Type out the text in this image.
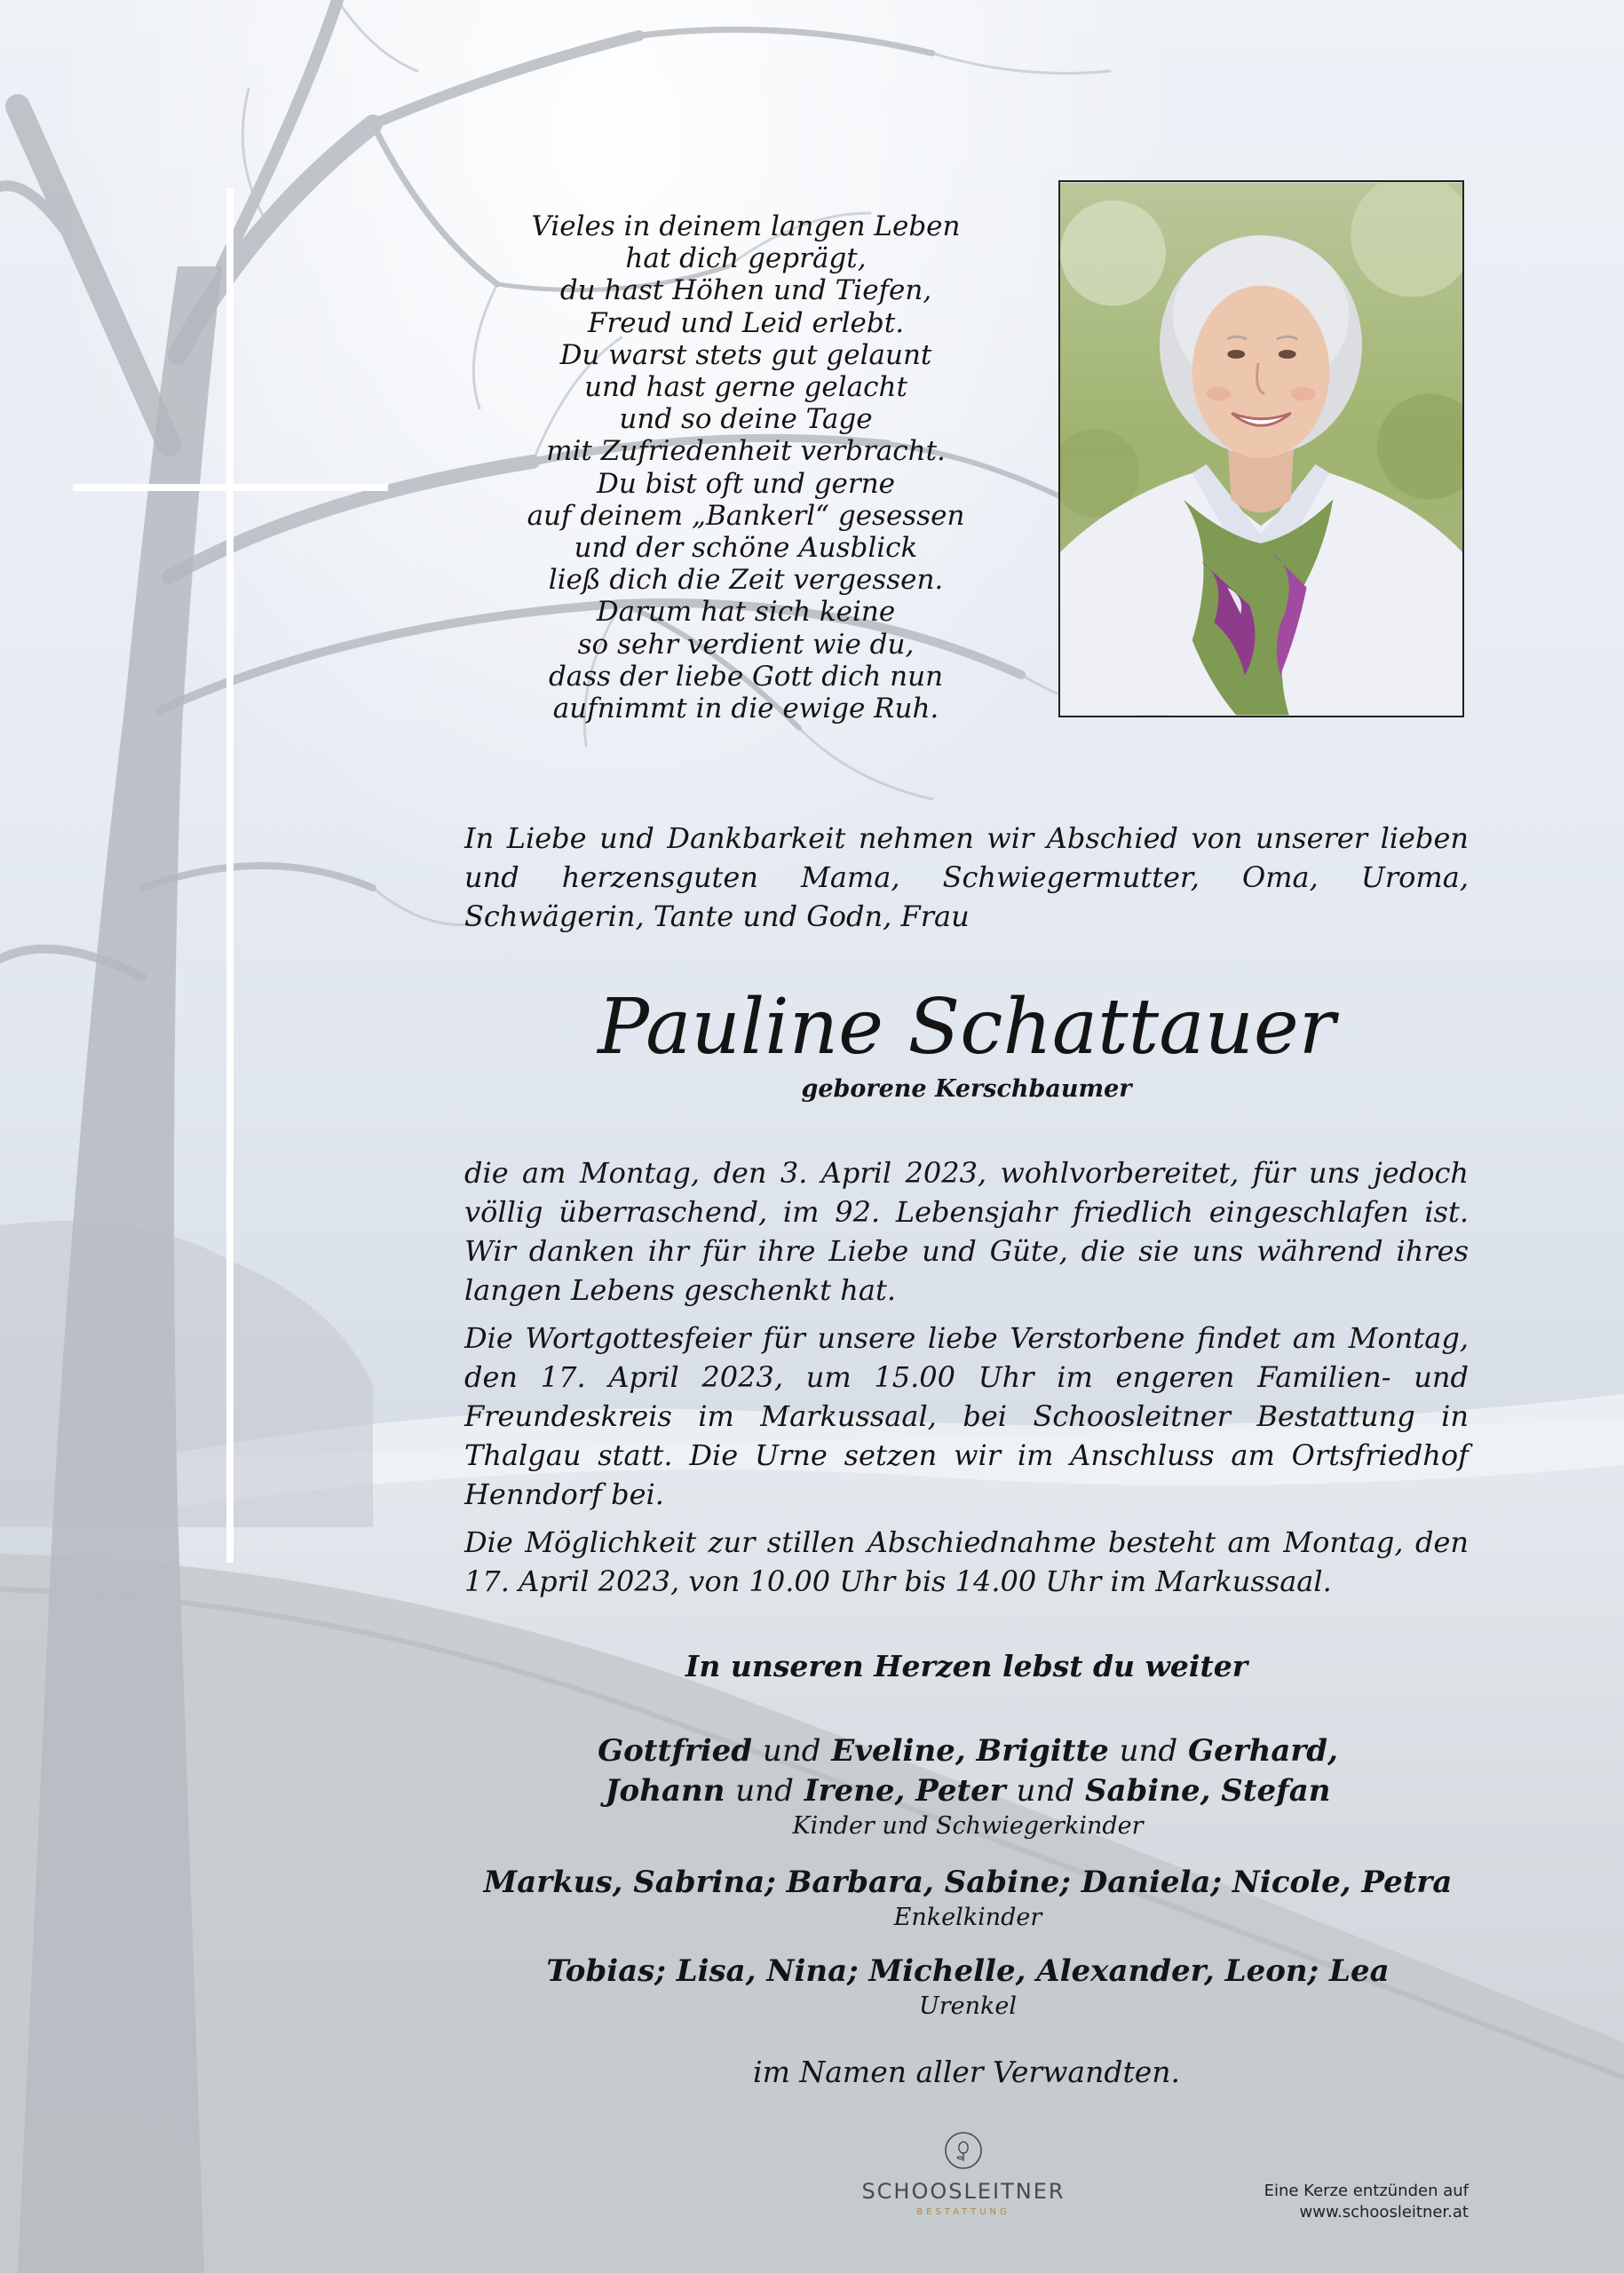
Vieles in deinem langen Leben
hat dich geprägt,
du hast Höhen und Tiefen,
Freud und Leid erlebt.
Du warst stets gut gelaunt
und hast gerne gelacht
und so deine Tage
mit Zufriedenheit verbracht.
Du bist oft und gerne
auf deinem „Bankerl“ gesessen
und der schöne Ausblick
ließ dich die Zeit vergessen.
Darum hat sich keine
so sehr verdient wie du,
dass der liebe Gott dich nun
aufnimmt in die ewige Ruh.
In Liebe und Dankbarkeit nehmen wir Abschied von unserer lieben und herzensguten Mama, Schwiegermutter, Oma, Uroma, Schwägerin, Tante und Godn, Frau
Pauline Schattauer
geborene Kerschbaumer

die am Montag, den 3. April 2023, wohlvorbereitet, für uns jedoch völlig überraschend, im 92. Lebensjahr friedlich eingeschlafen ist. Wir danken ihr für ihre Liebe und Güte, die sie uns während ihres langen Lebens geschenkt hat.

Die Wortgottesfeier für unsere liebe Verstorbene findet am Montag, den 17. April 2023, um 15.00 Uhr im engeren Familien- und Freundeskreis im Markussaal, bei Schoosleitner Bestattung in Thalgau statt. Die Urne setzen wir im Anschluss am Ortsfriedhof Henndorf bei.

Die Möglichkeit zur stillen Abschiednahme besteht am Montag, den 17. April 2023, von 10.00 Uhr bis 14.00 Uhr im Markussaal.

In unseren Herzen lebst du weiter
Gottfried und Eveline, Brigitte und Gerhard,
Johann und Irene, Peter und Sabine, Stefan
Kinder und Schwiegerkinder
Markus, Sabrina; Barbara, Sabine; Daniela; Nicole, Petra
Enkelkinder
Tobias; Lisa, Nina; Michelle, Alexander, Leon; Lea
Urenkel
im Namen aller Verwandten.
SCHOOSLEITNER
BESTATTUNG
Eine Kerze entzünden auf
www.schoosleitner.at
